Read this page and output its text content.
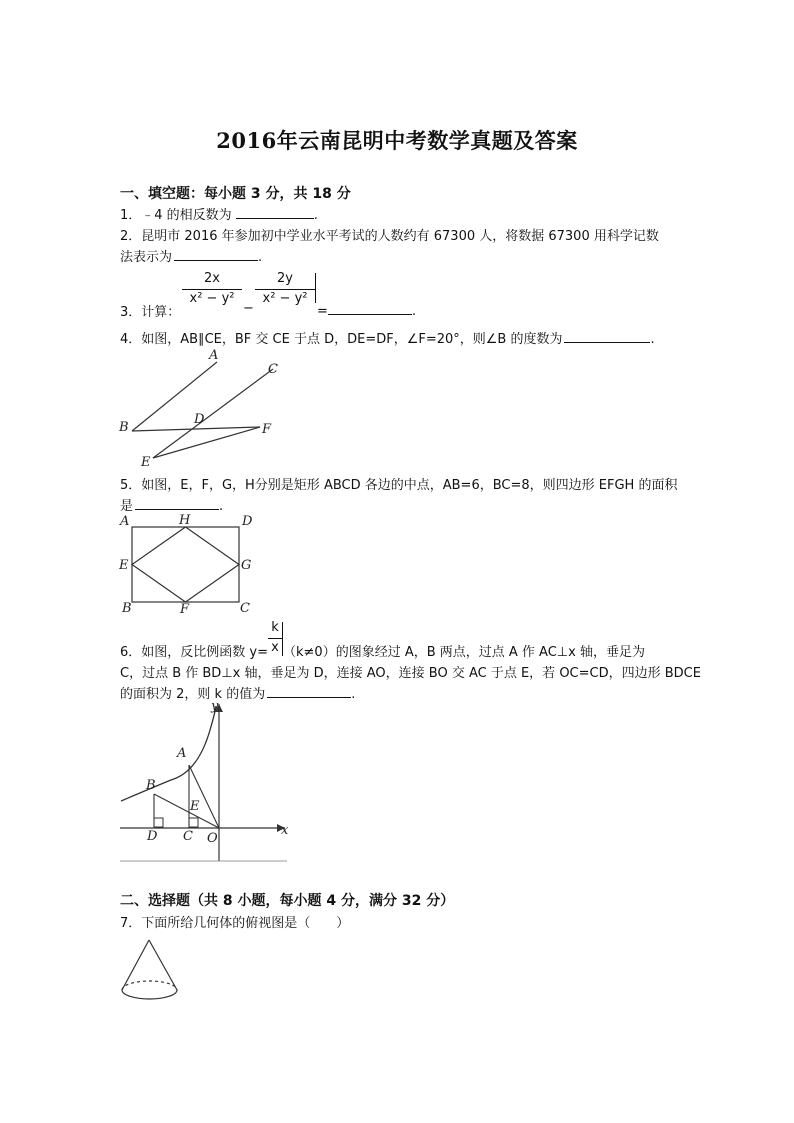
2016年云南昆明中考数学真题及答案
一、填空题：每小题 3 分，共 18 分
1．﹣4 的相反数为	.
2．昆明市 2016 年参加初中学业水平考试的人数约有 67300 人，将数据 67300 用科学记数
法表示为	.
3．计算：
$\frac{2x}{\text{x² − y²}}$
−
$\frac{2y}{\text{x² − y²}}$
=	.
4．如图，AB∥CE，BF 交 CE 于点 D，DE=DF，∠F=20°，则∠B 的度数为	.
A
B
C
D
E
F
5．如图，E，F，G，H分别是矩形 ABCD 各边的中点，AB=6，BC=8，则四边形 EFGH 的面积
是	.
A	H	D
E	G
B	F	C
6．如图，反比例函数 y= （k≠0）的图象经过 A，B 两点，过点 A 作 AC⊥x 轴，垂足为
$\frac{k}{x}$
C，过点 B 作 BD⊥x 轴，垂足为 D，连接 AO，连接 BO 交 AC 于点 E，若 OC=CD，四边形 BDCE
的面积为 2，则 k 的值为	.
y
x
A
B
E
D C O
二、选择题（共 8 小题，每小题 4 分，满分 32 分）
7．下面所给几何体的俯视图是（　　）
